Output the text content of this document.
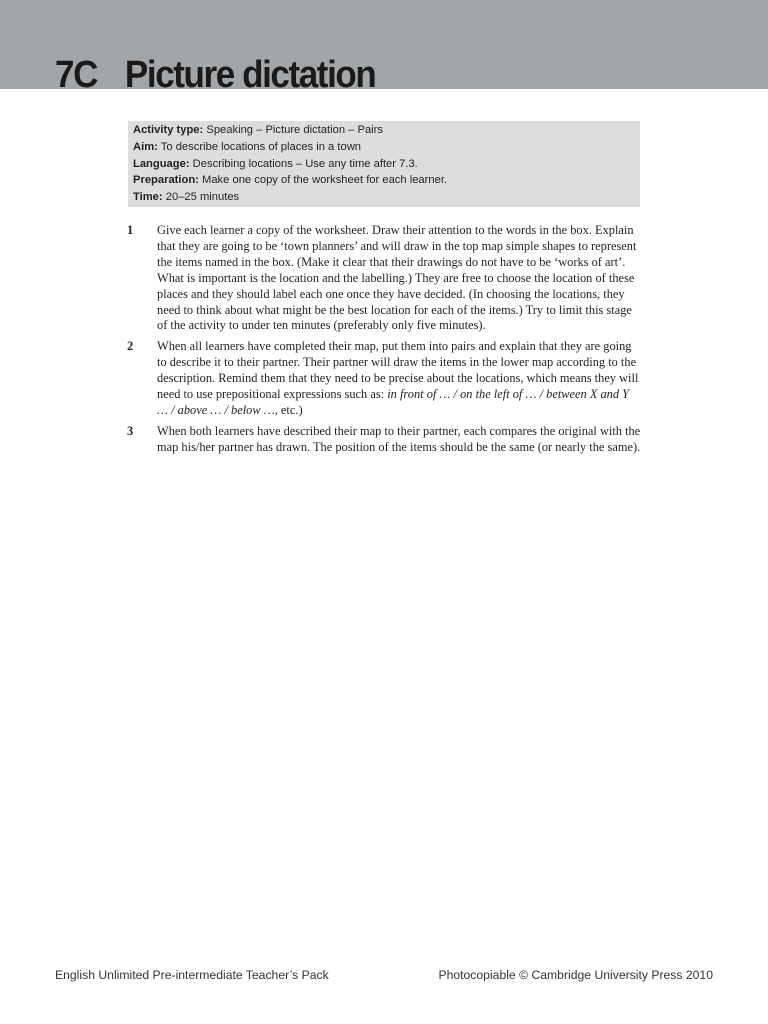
7C Picture dictation
Activity type: Speaking – Picture dictation – Pairs
Aim: To describe locations of places in a town
Language: Describing locations – Use any time after 7.3.
Preparation: Make one copy of the worksheet for each learner.
Time: 20–25 minutes
1	Give each learner a copy of the worksheet. Draw their attention to the words in the box. Explain that they are going to be ‘town planners’ and will draw in the top map simple shapes to represent the items named in the box. (Make it clear that their drawings do not have to be ‘works of art’. What is important is the location and the labelling.) They are free to choose the location of these places and they should label each one once they have decided. (In choosing the locations, they need to think about what might be the best location for each of the items.) Try to limit this stage of the activity to under ten minutes (preferably only five minutes).
2	When all learners have completed their map, put them into pairs and explain that they are going to describe it to their partner. Their partner will draw the items in the lower map according to the description. Remind them that they need to be precise about the locations, which means they will need to use prepositional expressions such as: in front of … / on the left of … / between X and Y … / above … / below …, etc.)
3	When both learners have described their map to their partner, each compares the original with the map his/her partner has drawn. The position of the items should be the same (or nearly the same).
English Unlimited Pre-intermediate Teacher’s Pack	Photocopiable © Cambridge University Press 2010
